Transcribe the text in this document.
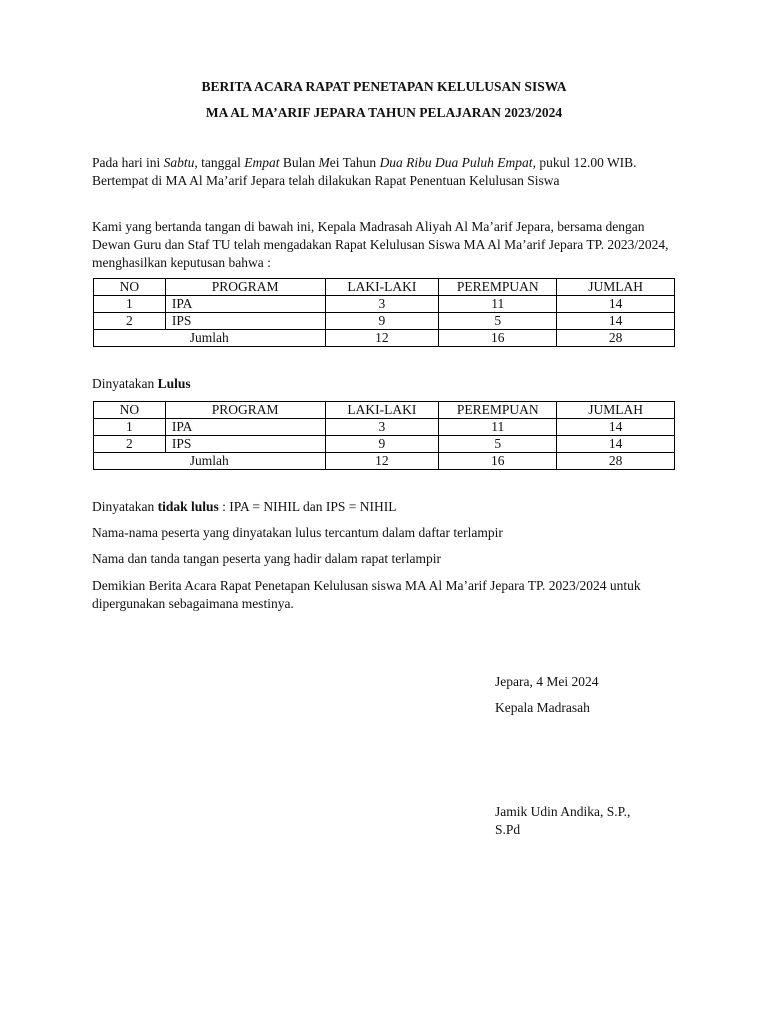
BERITA ACARA RAPAT PENETAPAN KELULUSAN SISWA
MA AL MA’ARIF JEPARA TAHUN PELAJARAN 2023/2024
Pada hari ini Sabtu, tanggal Empat Bulan Mei Tahun Dua Ribu Dua Puluh Empat, pukul 12.00 WIB. Bertempat di MA Al Ma’arif Jepara telah dilakukan Rapat Penentuan Kelulusan Siswa
Kami yang bertanda tangan di bawah ini, Kepala Madrasah Aliyah Al Ma’arif Jepara, bersama dengan Dewan Guru dan Staf TU telah mengadakan Rapat Kelulusan Siswa MA Al Ma’arif Jepara TP. 2023/2024, menghasilkan keputusan bahwa :
NO	PROGRAM	LAKI-LAKI	PEREMPUAN	JUMLAH
1	IPA	3	11	14
2	IPS	9	5	14
Jumlah		12	16	28
Dinyatakan Lulus
NO	PROGRAM	LAKI-LAKI	PEREMPUAN	JUMLAH
1	IPA	3	11	14
2	IPS	9	5	14
Jumlah		12	16	28
Dinyatakan tidak lulus : IPA = NIHIL dan IPS = NIHIL
Nama-nama peserta yang dinyatakan lulus tercantum dalam daftar terlampir
Nama dan tanda tangan peserta yang hadir dalam rapat terlampir
Demikian Berita Acara Rapat Penetapan Kelulusan siswa MA Al Ma’arif Jepara TP. 2023/2024 untuk dipergunakan sebagaimana mestinya.
Jepara, 4 Mei 2024
Kepala Madrasah
Jamik Udin Andika, S.P.,
S.Pd
